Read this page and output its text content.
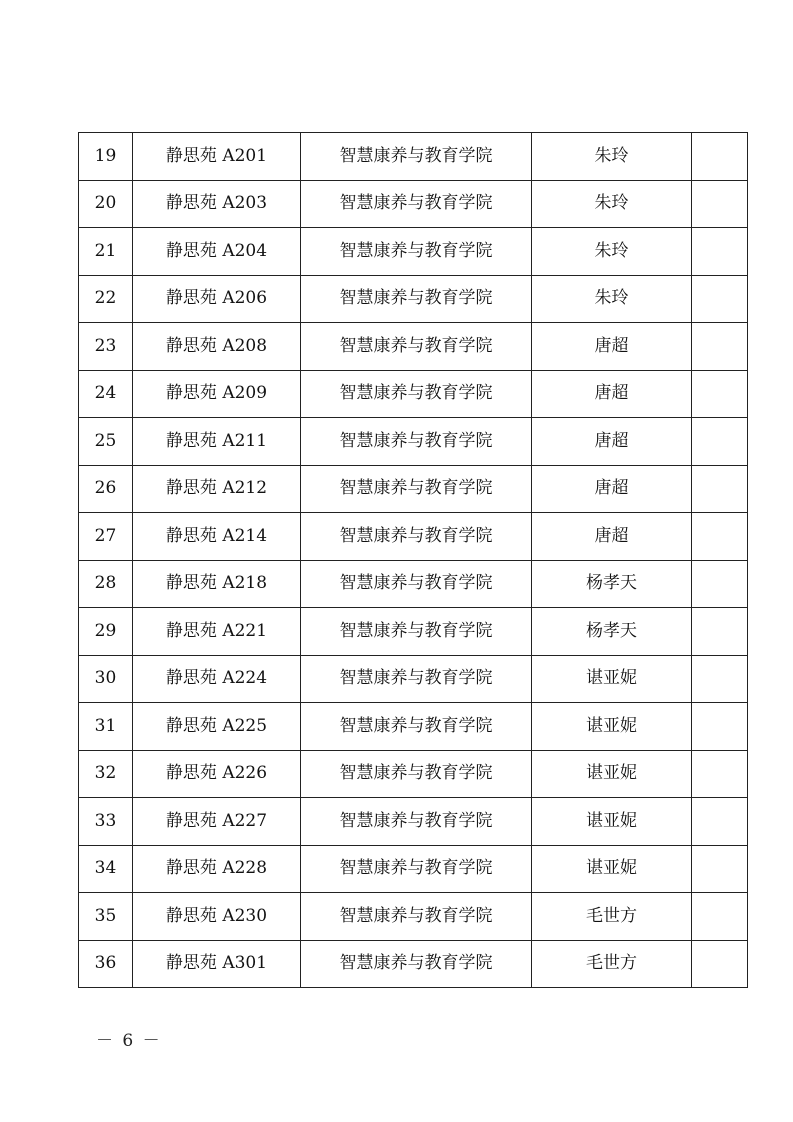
19	静思苑 A201	智慧康养与教育学院	朱玲	
20	静思苑 A203	智慧康养与教育学院	朱玲	
21	静思苑 A204	智慧康养与教育学院	朱玲	
22	静思苑 A206	智慧康养与教育学院	朱玲	
23	静思苑 A208	智慧康养与教育学院	唐超	
24	静思苑 A209	智慧康养与教育学院	唐超	
25	静思苑 A211	智慧康养与教育学院	唐超	
26	静思苑 A212	智慧康养与教育学院	唐超	
27	静思苑 A214	智慧康养与教育学院	唐超	
28	静思苑 A218	智慧康养与教育学院	杨孝天	
29	静思苑 A221	智慧康养与教育学院	杨孝天	
30	静思苑 A224	智慧康养与教育学院	谌亚妮	
31	静思苑 A225	智慧康养与教育学院	谌亚妮	
32	静思苑 A226	智慧康养与教育学院	谌亚妮	
33	静思苑 A227	智慧康养与教育学院	谌亚妮	
34	静思苑 A228	智慧康养与教育学院	谌亚妮	
35	静思苑 A230	智慧康养与教育学院	毛世方	
36	静思苑 A301	智慧康养与教育学院	毛世方	
－ 6 －
